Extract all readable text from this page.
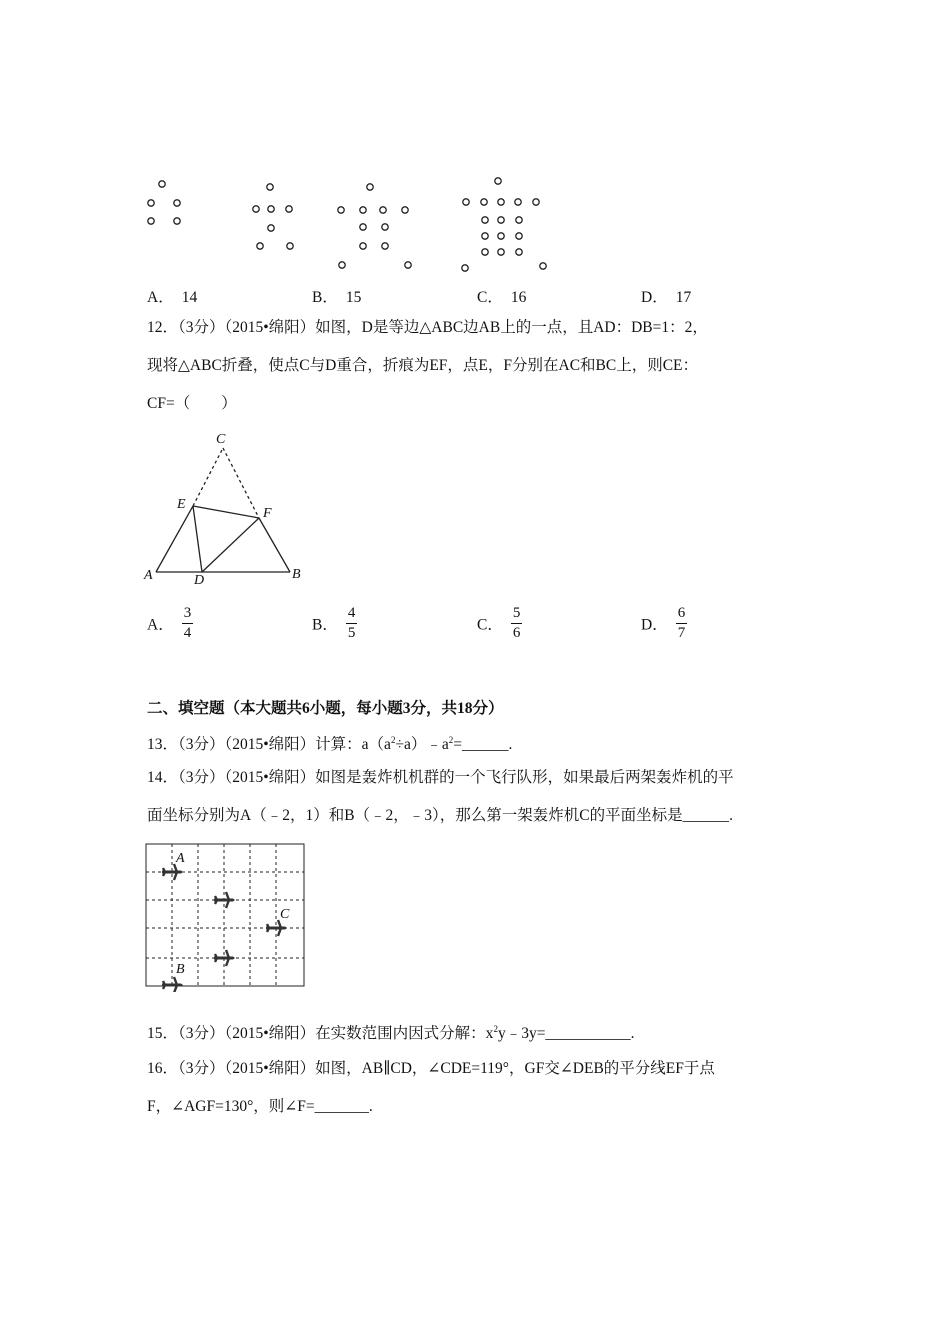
A． 14	B． 15	C． 16	D． 17
12．（3分）（2015•绵阳）如图，D是等边△ABC边AB上的一点，且AD：DB=1：2，
现将△ABC折叠，使点C与D重合，折痕为EF，点E，F分别在AC和BC上，则CE：
CF=（　　）
C
E
F
A	D	B
A． $\frac{3}{4}$	B． $\frac{4}{5}$	C． $\frac{5}{6}$	D． $\frac{6}{7}$
二、填空题（本大题共6小题，每小题3分，共18分）
13．（3分）（2015•绵阳）计算：$a(a^2\div a)﹣a^2=\_\_\_\_\_\_$.
14．（3分）（2015•绵阳）如图是轰炸机机群的一个飞行队形，如果最后两架轰炸机的平
面坐标分别为A（﹣2，1）和B（﹣2，﹣3），那么第一架轰炸机C的平面坐标是______.
A
C
B
15．（3分）（2015•绵阳）在实数范围内因式分解：$x^2y﹣3y=\_\_\_\_\_\_\_\_\_\_\_$.
16．（3分）（2015•绵阳）如图，AB∥CD，∠CDE=119°，GF交∠DEB的平分线EF于点
F，∠AGF=130°，则∠F=_______.
